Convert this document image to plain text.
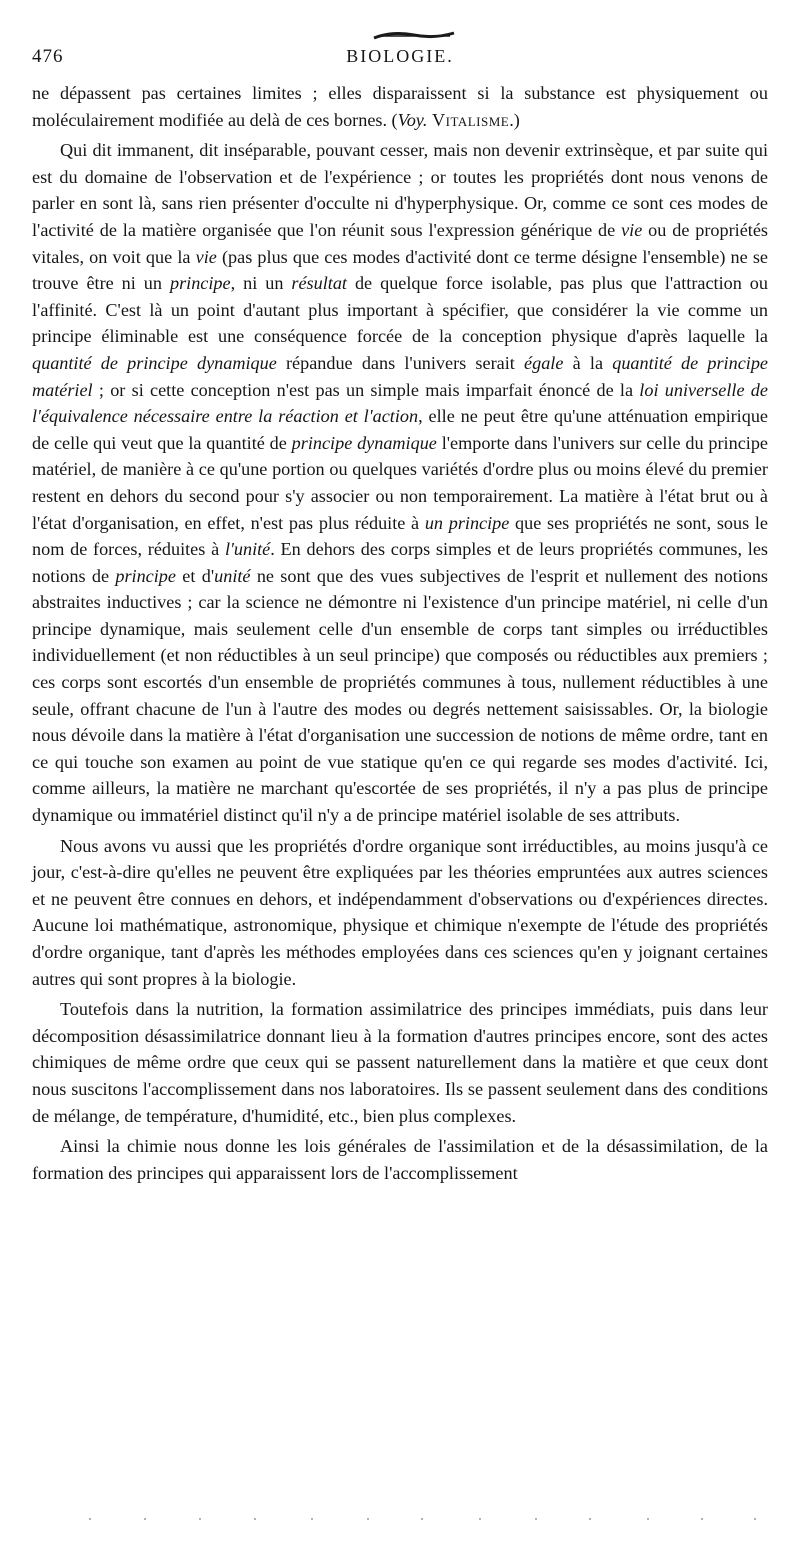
476	BIOLOGIE.

ne dépassent pas certaines limites ; elles disparaissent si la substance est physiquement ou moléculairement modifiée au delà de ces bornes. (Voy. Vitalisme.)

Qui dit immanent, dit inséparable, pouvant cesser, mais non devenir extrinsèque, et par suite qui est du domaine de l'observation et de l'expérience ; or toutes les propriétés dont nous venons de parler en sont là, sans rien présenter d'occulte ni d'hyperphysique. Or, comme ce sont ces modes de l'activité de la matière organisée que l'on réunit sous l'expression générique de vie ou de propriétés vitales, on voit que la vie (pas plus que ces modes d'activité dont ce terme désigne l'ensemble) ne se trouve être ni un principe, ni un résultat de quelque force isolable, pas plus que l'attraction ou l'affinité. C'est là un point d'autant plus important à spécifier, que considérer la vie comme un principe éliminable est une conséquence forcée de la conception physique d'après laquelle la quantité de principe dynamique répandue dans l'univers serait égale à la quantité de principe matériel ; or si cette conception n'est pas un simple mais imparfait énoncé de la loi universelle de l'équivalence nécessaire entre la réaction et l'action, elle ne peut être qu'une atténuation empirique de celle qui veut que la quantité de principe dynamique l'emporte dans l'univers sur celle du principe matériel, de manière à ce qu'une portion ou quelques variétés d'ordre plus ou moins élevé du premier restent en dehors du second pour s'y associer ou non temporairement. La matière à l'état brut ou à l'état d'organisation, en effet, n'est pas plus réduite à un principe que ses propriétés ne sont, sous le nom de forces, réduites à l'unité. En dehors des corps simples et de leurs propriétés communes, les notions de principe et d'unité ne sont que des vues subjectives de l'esprit et nullement des notions abstraites inductives ; car la science ne démontre ni l'existence d'un principe matériel, ni celle d'un principe dynamique, mais seulement celle d'un ensemble de corps tant simples ou irréductibles individuellement (et non réductibles à un seul principe) que composés ou réductibles aux premiers ; ces corps sont escortés d'un ensemble de propriétés communes à tous, nullement réductibles à une seule, offrant chacune de l'un à l'autre des modes ou degrés nettement saisissables. Or, la biologie nous dévoile dans la matière à l'état d'organisation une succession de notions de même ordre, tant en ce qui touche son examen au point de vue statique qu'en ce qui regarde ses modes d'activité. Ici, comme ailleurs, la matière ne marchant qu'escortée de ses propriétés, il n'y a pas plus de principe dynamique ou immatériel distinct qu'il n'y a de principe matériel isolable de ses attributs.

Nous avons vu aussi que les propriétés d'ordre organique sont irréductibles, au moins jusqu'à ce jour, c'est-à-dire qu'elles ne peuvent être expliquées par les théories empruntées aux autres sciences et ne peuvent être connues en dehors, et indépendamment d'observations ou d'expériences directes. Aucune loi mathématique, astronomique, physique et chimique n'exempte de l'étude des propriétés d'ordre organique, tant d'après les méthodes employées dans ces sciences qu'en y joignant certaines autres qui sont propres à la biologie.

Toutefois dans la nutrition, la formation assimilatrice des principes immédiats, puis dans leur décomposition désassimilatrice donnant lieu à la formation d'autres principes encore, sont des actes chimiques de même ordre que ceux qui se passent naturellement dans la matière et que ceux dont nous suscitons l'accomplissement dans nos laboratoires. Ils se passent seulement dans des conditions de mélange, de température, d'humidité, etc., bien plus complexes.

Ainsi la chimie nous donne les lois générales de l'assimilation et de la désassimilation, de la formation des principes qui apparaissent lors de l'accomplissement
